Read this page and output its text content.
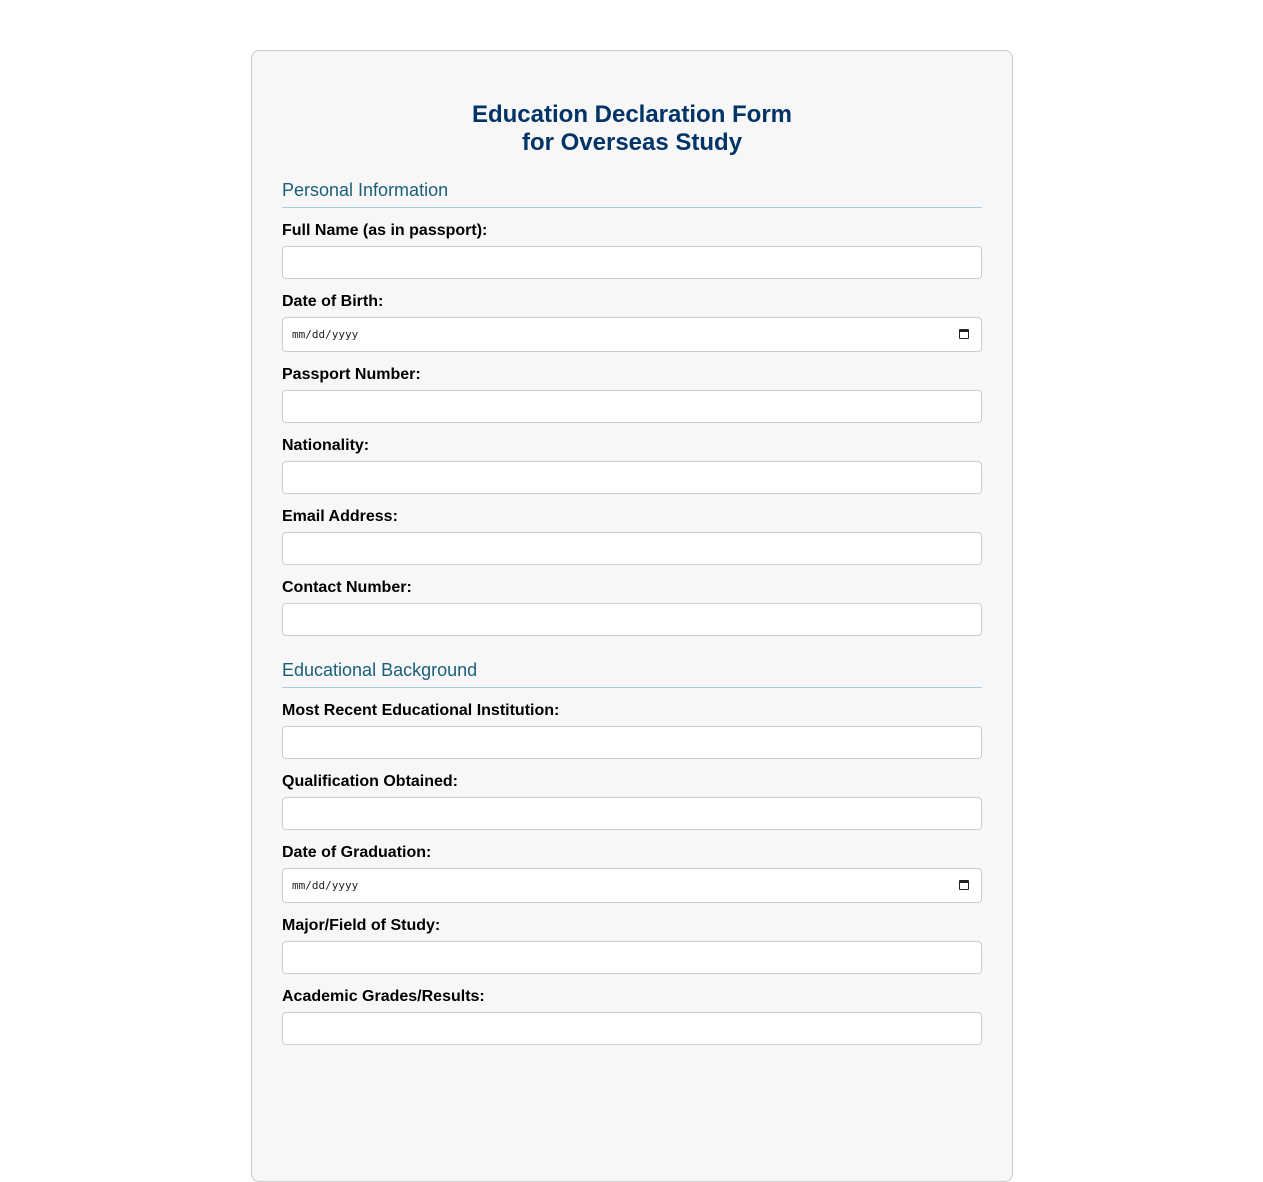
Education Declaration Form
for Overseas Study
Personal Information
Full Name (as in passport):
Date of Birth:
mm/dd/yyyy
Passport Number:
Nationality:
Email Address:
Contact Number:
Educational Background
Most Recent Educational Institution:
Qualification Obtained:
Date of Graduation:
mm/dd/yyyy
Major/Field of Study:
Academic Grades/Results:
